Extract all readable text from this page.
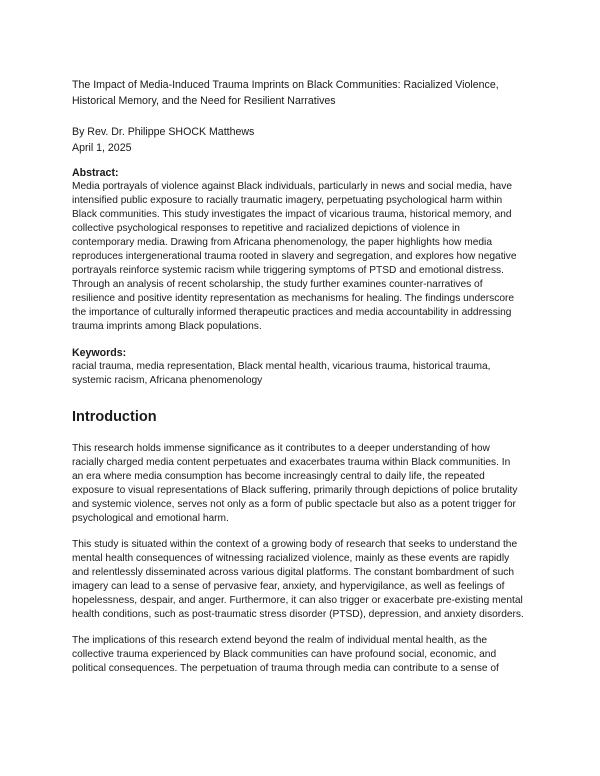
The Impact of Media-Induced Trauma Imprints on Black Communities: Racialized Violence, Historical Memory, and the Need for Resilient Narratives

By Rev. Dr. Philippe SHOCK Matthews
April 1, 2025

Abstract:

Media portrayals of violence against Black individuals, particularly in news and social media, have intensified public exposure to racially traumatic imagery, perpetuating psychological harm within Black communities. This study investigates the impact of vicarious trauma, historical memory, and collective psychological responses to repetitive and racialized depictions of violence in contemporary media. Drawing from Africana phenomenology, the paper highlights how media reproduces intergenerational trauma rooted in slavery and segregation, and explores how negative portrayals reinforce systemic racism while triggering symptoms of PTSD and emotional distress. Through an analysis of recent scholarship, the study further examines counter-narratives of resilience and positive identity representation as mechanisms for healing. The findings underscore the importance of culturally informed therapeutic practices and media accountability in addressing trauma imprints among Black populations.

Keywords:

racial trauma, media representation, Black mental health, vicarious trauma, historical trauma, systemic racism, Africana phenomenology

Introduction

This research holds immense significance as it contributes to a deeper understanding of how racially charged media content perpetuates and exacerbates trauma within Black communities. In an era where media consumption has become increasingly central to daily life, the repeated exposure to visual representations of Black suffering, primarily through depictions of police brutality and systemic violence, serves not only as a form of public spectacle but also as a potent trigger for psychological and emotional harm.

This study is situated within the context of a growing body of research that seeks to understand the mental health consequences of witnessing racialized violence, mainly as these events are rapidly and relentlessly disseminated across various digital platforms. The constant bombardment of such imagery can lead to a sense of pervasive fear, anxiety, and hypervigilance, as well as feelings of hopelessness, despair, and anger. Furthermore, it can also trigger or exacerbate pre-existing mental health conditions, such as post-traumatic stress disorder (PTSD), depression, and anxiety disorders.

The implications of this research extend beyond the realm of individual mental health, as the collective trauma experienced by Black communities can have profound social, economic, and political consequences. The perpetuation of trauma through media can contribute to a sense of
